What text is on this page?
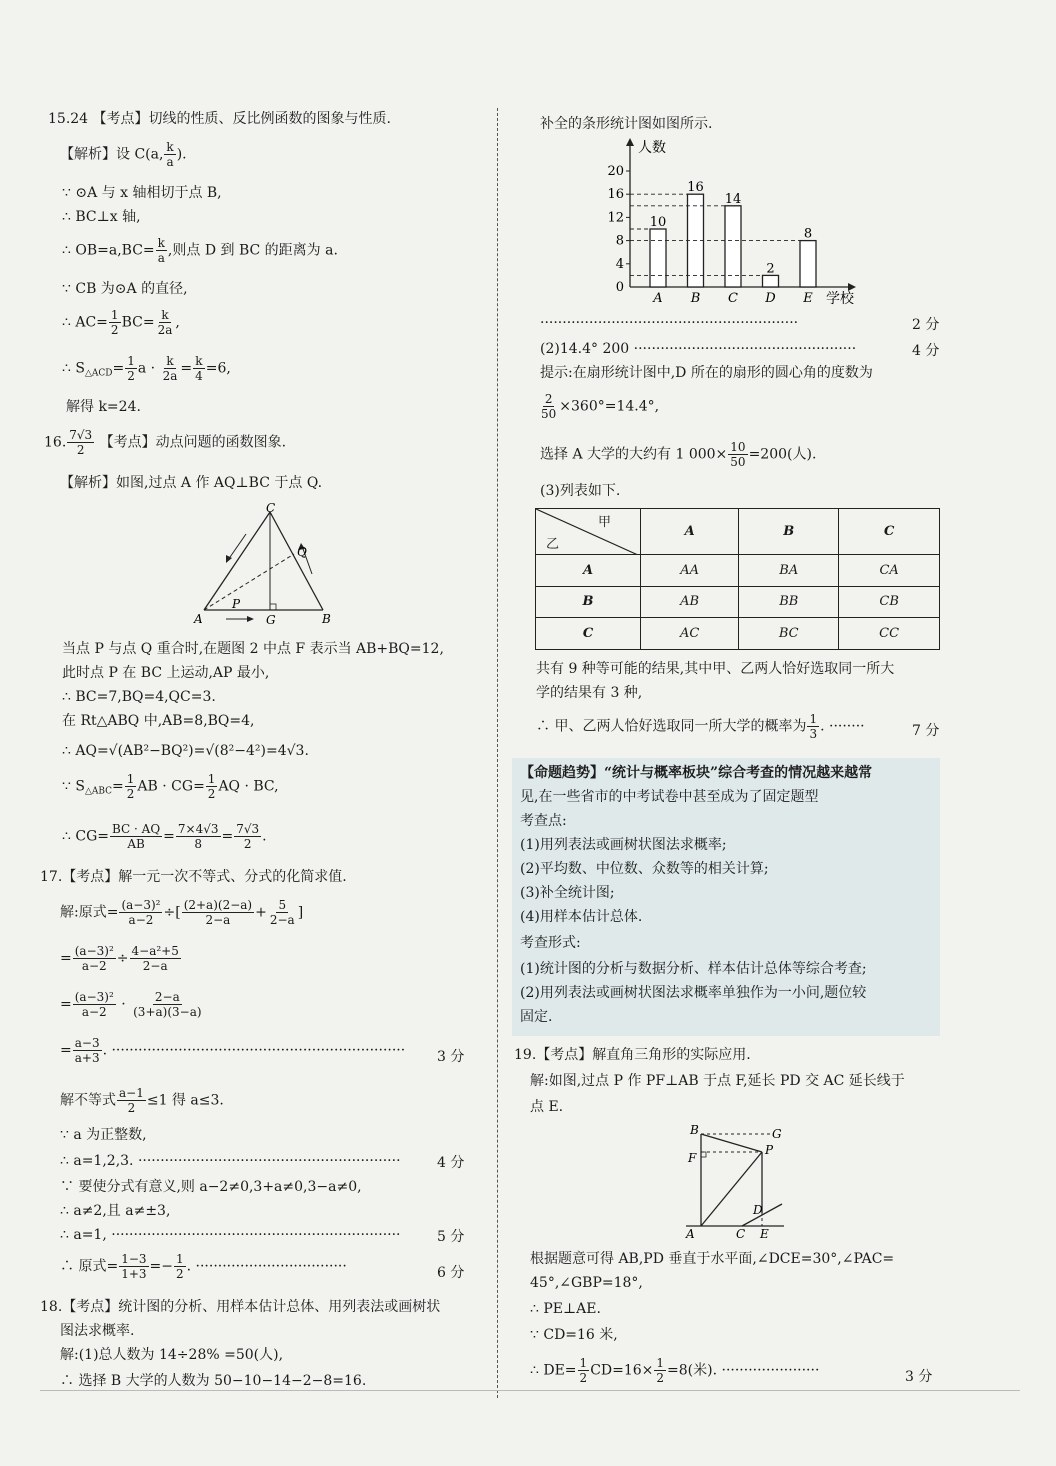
15.24 【考点】切线的性质、反比例函数的图象与性质.
【解析】设 C(a, $\frac{k}{a}$ ).
∵ ⊙A 与 x 轴相切于点 B,
∴ BC⊥x 轴,
∴ $OB=a,BC= \frac{k}{a}$ ,则点 D 到 BC 的距离为 a.
∵ CB 为⊙A 的直径,
∴ $AC= \frac{1}{2} BC= \frac{k}{2a}$ ,
∴ $S_{\triangle ACD}= \frac{1}{2}$ $a \cdot \frac{k}{2a} = \frac{k}{4} =6$,
解得 k=24.
16. $\frac{7√3}{2}$ 【考点】动点问题的函数图象.
【解析】如图,过点 A 作 AQ⊥BC 于点 Q.
C
Q
P
A	G	B
当点 P 与点 Q 重合时,在题图 2 中点 F 表示当 AB+BQ=12,
此时点 P 在 BC 上运动,AP 最小,
∴ BC=7,BQ=4,QC=3.
在 Rt△ABQ 中,AB=8,BQ=4,
∴ AQ=√(AB²−BQ²)=√(8²−4²)=4√3.
∵ $S_{\triangle ABC}= \frac{1}{2}$ AB · $CG= \frac{1}{2}$ AQ · BC,
∴ $CG= \frac{BC \cdot AQ}{AB} = \frac{7\times 4√3}{8} = \frac{7√3}{2}$ .
17.【考点】解一元一次不等式、分式的化简求值.
解:原式= $\frac{\text{(a−3)²}}{a-2}$ ÷[ $\frac{(2+a)(2-a)}{2-a} + \frac{5}{2-a}$ ]
= $\frac{\text{(a−3)²}}{a-2} \div \frac{\text{4−a²+5}}{2-a}$
= $\frac{\text{(a−3)²}}{a-2} \cdot \frac{2-a}{(3+a)(3-a)}$
= $\frac{a-3}{a+3}$ . ·································································· 3 分
解不等式 $\frac{a-1}{2} \le 1$ 得 a≤3.
∵ a 为正整数,
∴ a=1,2,3. ···························································	4 分
∵ 要使分式有意义,则 a−2≠0,3+a≠0,3−a≠0,
∴ a≠2,且 a≠±3,
∴ a=1, ·································································	5 分
∴ 原式= $\frac{1-3}{1+3} =- \frac{1}{2}$ . ··································	6 分
18.【考点】统计图的分析、用样本估计总体、用列表法或画树状
图法求概率.
解:(1)总人数为 14÷28% =50(人),
∴ 选择 B 大学的人数为 50−10−14−2−8=16.
补全的条形统计图如图所示.
0
4
8
12
16
20
人数
学校
10
A
16
B
14
C
2
D
8
E
··························································	2 分
(2)14.4° 200 ··················································	4 分
提示:在扇形统计图中,D 所在的扇形的圆心角的度数为
$\frac{2}{50} \times 360^\circ=14.4^\circ$,
选择 A 大学的大约有 1 $000\times \frac{10}{50} =200$(人).
(3)列表如下.
甲
乙	A	B	C
A	AA	BA	CA
B	AB	BB	CB
C	AC	BC	CC
共有 9 种等可能的结果,其中甲、乙两人恰好选取同一所大
学的结果有 3 种,
∴ 甲、乙两人恰好选取同一所大学的概率为 $\frac{1}{3}$ . ········	7 分
【命题趋势】“统计与概率板块”综合考查的情况越来越常
见,在一些省市的中考试卷中甚至成为了固定题型
考查点:
(1)用列表法或画树状图法求概率;
(2)平均数、中位数、众数等的相关计算;
(3)补全统计图;
(4)用样本估计总体.
考查形式:
(1)统计图的分析与数据分析、样本估计总体等综合考查;
(2)用列表法或画树状图法求概率单独作为一小问,题位较
固定.
19.【考点】解直角三角形的实际应用.
解:如图,过点 P 作 PF⊥AB 于点 F,延长 PD 交 AC 延长线于
点 E.
B	G
F
P
D
A	C E
根据题意可得 AB,PD 垂直于水平面,∠DCE=30°,∠PAC=
45°,∠GBP=18°,
∴ PE⊥AE.
∵ CD=16 米,
∴ $DE= \frac{1}{2} CD=16\times \frac{1}{2} =8$(米). ······················	3 分
